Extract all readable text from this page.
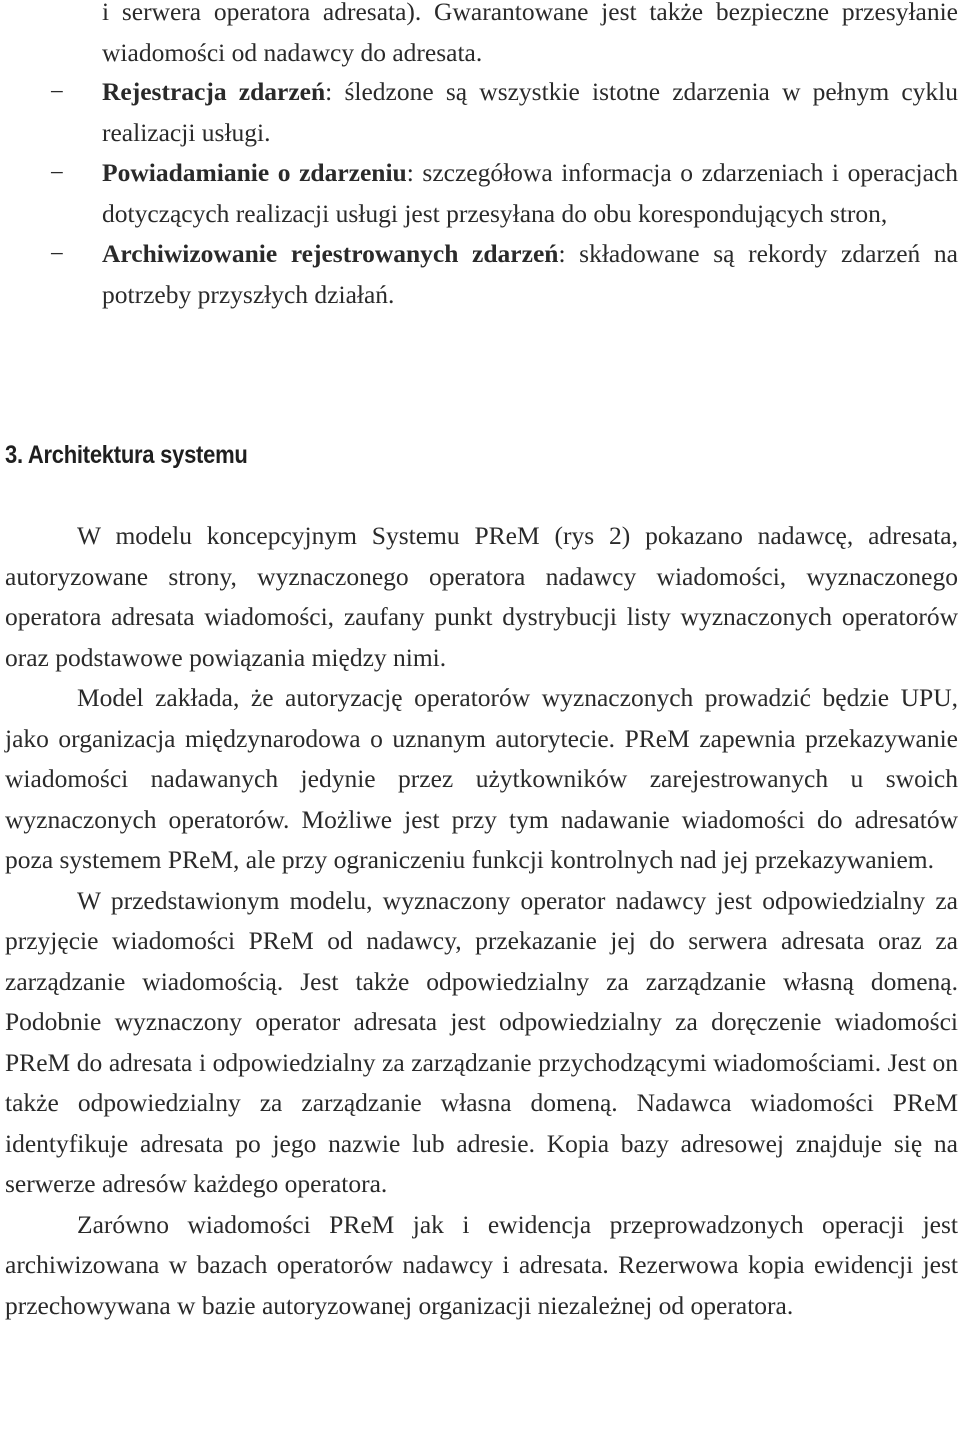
i serwera operatora adresata). Gwarantowane jest także bezpieczne przesyłanie wiadomości od nadawcy do adresata.

−	Rejestracja zdarzeń: śledzone są wszystkie istotne zdarzenia w pełnym cyklu realizacji usługi.
−	Powiadamianie o zdarzeniu: szczegółowa informacja o zdarzeniach i operacjach dotyczących realizacji usługi jest przesyłana do obu korespondujących stron,
−	Archiwizowanie rejestrowanych zdarzeń: składowane są rekordy zdarzeń na potrzeby przyszłych działań.
3. Architektura systemu

W modelu koncepcyjnym Systemu PReM (rys 2) pokazano nadawcę, adresata, autoryzowane strony, wyznaczonego operatora nadawcy wiadomości, wyznaczonego operatora adresata wiadomości, zaufany punkt dystrybucji listy wyznaczonych operatorów oraz podstawowe powiązania między nimi.

Model zakłada, że autoryzację operatorów wyznaczonych prowadzić będzie UPU, jako organizacja międzynarodowa o uznanym autorytecie. PReM zapewnia przekazywanie wiadomości nadawanych jedynie przez użytkowników zarejestrowanych u swoich wyznaczonych operatorów. Możliwe jest przy tym nadawanie wiadomości do adresatów poza systemem PReM, ale przy ograniczeniu funkcji kontrolnych nad jej przekazywaniem.

W przedstawionym modelu, wyznaczony operator nadawcy jest odpowiedzialny za przyjęcie wiadomości PReM od nadawcy, przekazanie jej do serwera adresata oraz za zarządzanie wiadomością. Jest także odpowiedzialny za zarządzanie własną domeną. Podobnie wyznaczony operator adresata jest odpowiedzialny za doręczenie wiadomości PReM do adresata i odpowiedzialny za zarządzanie przychodzącymi wiadomościami. Jest on także odpowiedzialny za zarządzanie własna domeną. Nadawca wiadomości PReM identyfikuje adresata po jego nazwie lub adresie. Kopia bazy adresowej znajduje się na serwerze adresów każdego operatora.

Zarówno wiadomości PReM jak i ewidencja przeprowadzonych operacji jest archiwizowana w bazach operatorów nadawcy i adresata. Rezerwowa kopia ewidencji jest przechowywana w bazie autoryzowanej organizacji niezależnej od operatora.
